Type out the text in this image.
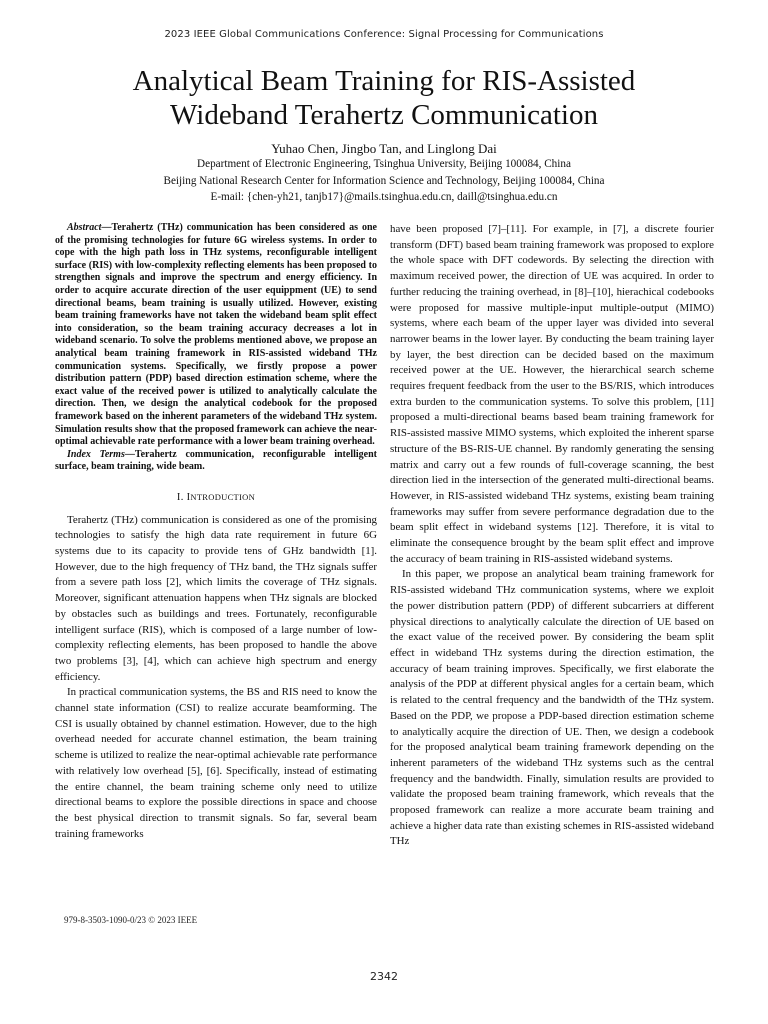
2023 IEEE Global Communications Conference: Signal Processing for Communications
Analytical Beam Training for RIS-Assisted
Wideband Terahertz Communication
Yuhao Chen, Jingbo Tan, and Linglong Dai
Department of Electronic Engineering, Tsinghua University, Beijing 100084, China
Beijing National Research Center for Information Science and Technology, Beijing 100084, China
E-mail: {chen-yh21, tanjb17}@mails.tsinghua.edu.cn, daill@tsinghua.edu.cn

Abstract—Terahertz (THz) communication has been considered as one of the promising technologies for future 6G wireless systems. In order to cope with the high path loss in THz systems, reconfigurable intelligent surface (RIS) with low-complexity reflecting elements has been proposed to strengthen signals and improve the spectrum and energy efficiency. In order to acquire accurate direction of the user equippment (UE) to send directional beams, beam training is usually utilized. However, existing beam training frameworks have not taken the wideband beam split effect into consideration, so the beam training accuracy decreases a lot in wideband scenario. To solve the problems mentioned above, we propose an analytical beam training framework in RIS-assisted wideband THz communication systems. Specifically, we firstly propose a power distribution pattern (PDP) based direction estimation scheme, where the exact value of the received power is utilized to analytically calculate the direction. Then, we design the analytical codebook for the proposed framework based on the inherent parameters of the wideband THz system. Simulation results show that the proposed framework can achieve the near-optimal achievable rate performance with a lower beam training overhead.

Index Terms—Terahertz communication, reconfigurable intelligent surface, beam training, wide beam.

I. INTRODUCTION

Terahertz (THz) communication is considered as one of the promising technologies to satisfy the high data rate requirement in future 6G systems due to its capacity to provide tens of GHz bandwidth [1]. However, due to the high frequency of THz band, the THz signals suffer from a severe path loss [2], which limits the coverage of THz signals. Moreover, significant attenuation happens when THz signals are blocked by obstacles such as buildings and trees. Fortunately, reconfigurable intelligent surface (RIS), which is composed of a large number of low-complexity reflecting elements, has been proposed to handle the above two problems [3], [4], which can achieve high spectrum and energy efficiency.

In practical communication systems, the BS and RIS need to know the channel state information (CSI) to realize accurate beamforming. The CSI is usually obtained by channel estimation. However, due to the high overhead needed for accurate channel estimation, the beam training scheme is utilized to realize the near-optimal achievable rate performance with relatively low overhead [5], [6]. Specifically, instead of estimating the entire channel, the beam training scheme only need to utilize directional beams to explore the possible directions in space and choose the best physical direction to transmit signals. So far, several beam training frameworks

have been proposed [7]–[11]. For example, in [7], a discrete fourier transform (DFT) based beam training framework was proposed to explore the whole space with DFT codewords. By selecting the direction with maximum received power, the direction of UE was acquired. In order to further reducing the training overhead, in [8]–[10], hierachical codebooks were proposed for massive multiple-input multiple-output (MIMO) systems, where each beam of the upper layer was divided into several narrower beams in the lower layer. By conducting the beam training layer by layer, the best direction can be decided based on the maximum received power at the UE. However, the hierarchical search scheme requires frequent feedback from the user to the BS/RIS, which introduces extra burden to the communication systems. To solve this problem, [11] proposed a multi-directional beams based beam training framework for RIS-assisted massive MIMO systems, which exploited the inherent sparse structure of the BS-RIS-UE channel. By randomly generating the sensing matrix and carry out a few rounds of full-coverage scanning, the best direction lied in the intersection of the generated multi-directional beams. However, in RIS-assisted wideband THz systems, existing beam training frameworks may suffer from severe performance degradation due to the beam split effect in wideband systems [12]. Therefore, it is vital to eliminate the consequence brought by the beam split effect and improve the accuracy of beam training in RIS-assisted wideband systems.

In this paper, we propose an analytical beam training framework for RIS-assisted wideband THz communication systems, where we exploit the power distribution pattern (PDP) of different subcarriers at different physical directions to analytically calculate the direction of UE based on the exact value of the received power. By considering the beam split effect in wideband THz systems during the direction estimation, the accuracy of beam training improves. Specifically, we first elaborate the analysis of the PDP at different physical angles for a certain beam, which is related to the central frequency and the bandwidth of the THz system. Based on the PDP, we propose a PDP-based direction estimation scheme to analytically acquire the direction of UE. Then, we design a codebook for the proposed analytical beam training framework depending on the inherent parameters of the wideband THz systems such as the central frequency and the bandwidth. Finally, simulation results are provided to validate the proposed beam training framework, which reveals that the proposed framework can realize a more accurate beam training and achieve a higher data rate than existing schemes in RIS-assisted wideband THz

979-8-3503-1090-0/23 © 2023 IEEE
2342
